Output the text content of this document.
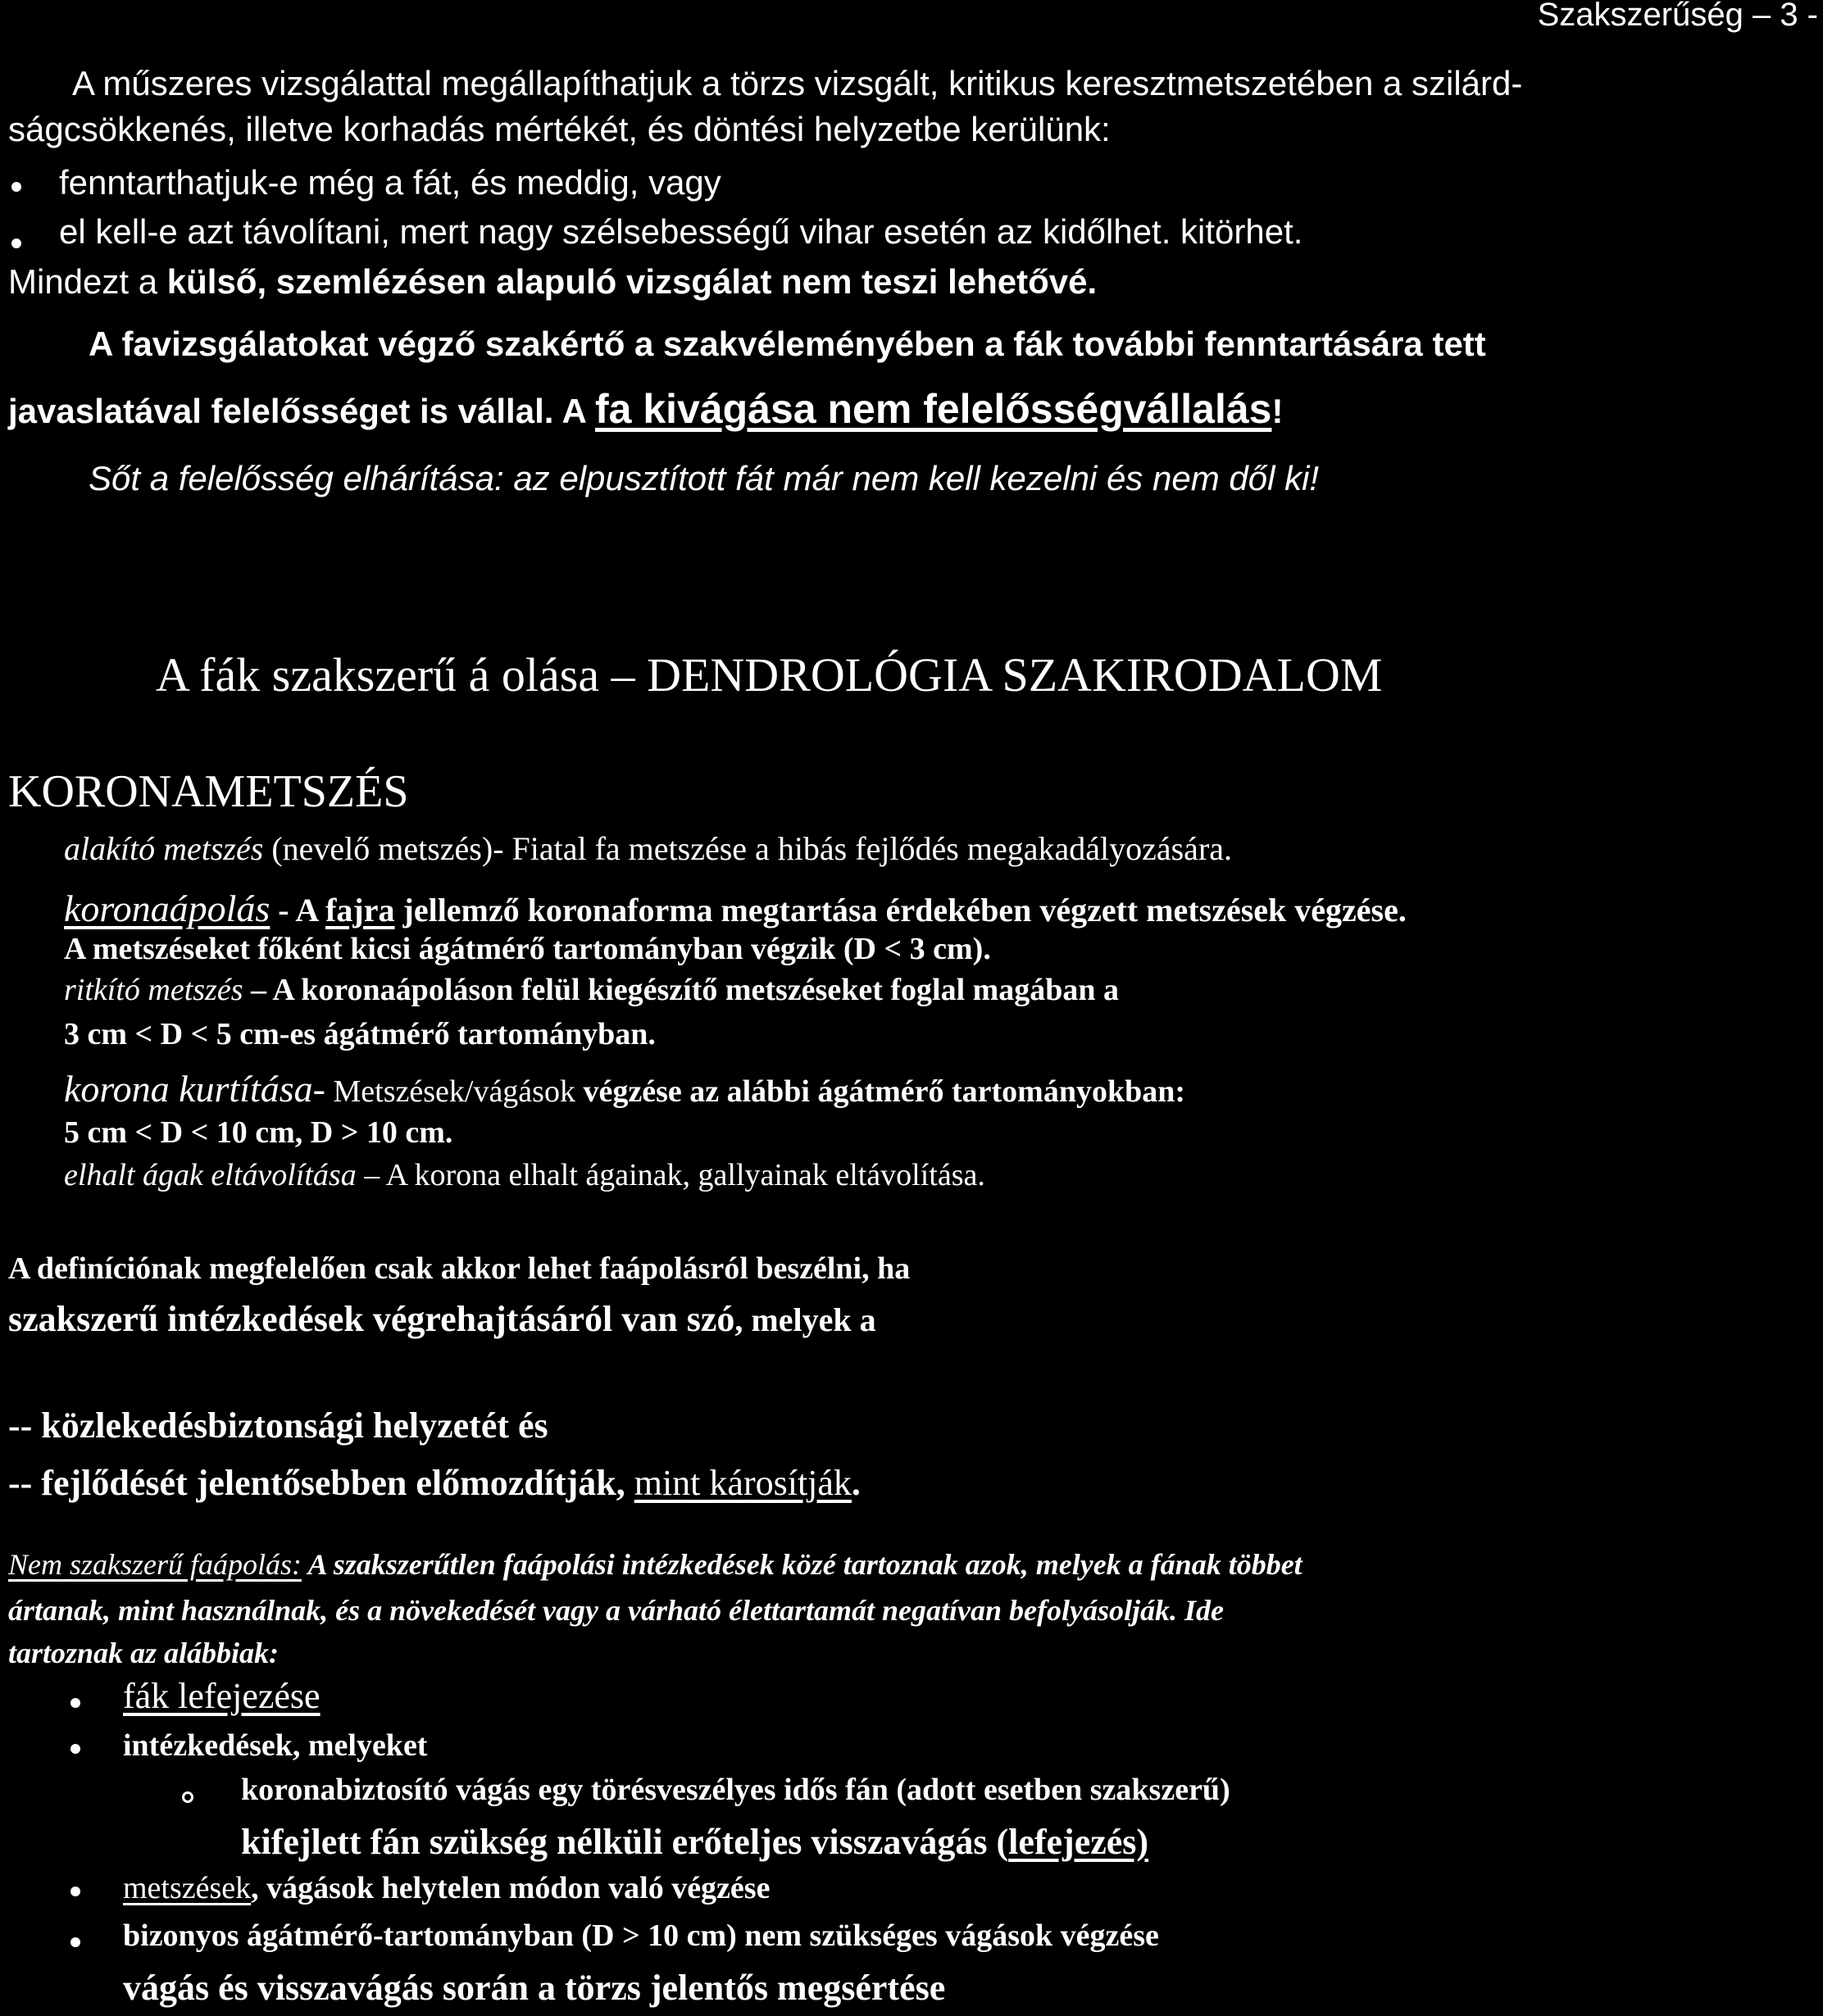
Szakszerűség – 3 -
A műszeres vizsgálattal megállapíthatjuk a törzs vizsgált, kritikus keresztmetszetében a szilárd-
ságcsökkenés, illetve korhadás mértékét, és döntési helyzetbe kerülünk:
fenntarthatjuk-e még a fát, és meddig, vagy
el kell-e azt távolítani, mert nagy szélsebességű vihar esetén az kidőlhet. kitörhet.
Mindezt a külső, szemlézésen alapuló vizsgálat nem teszi lehetővé.
A favizsgálatokat végző szakértő a szakvéleményében a fák további fenntartására tett
javaslatával felelősséget is vállal. A fa kivágása nem felelősségvállalás!
Sőt a felelősség elhárítása: az elpusztított fát már nem kell kezelni és nem dől ki!
A fák szakszerű á olása – DENDROLÓGIA SZAKIRODALOM
KORONAMETSZÉS
alakító metszés (nevelő metszés)- Fiatal fa metszése a hibás fejlődés megakadályozására.
koronaápolás - A fajra jellemző koronaforma megtartása érdekében végzett metszések végzése.
A metszéseket főként kicsi ágátmérő tartományban végzik (D < 3 cm).
ritkító metszés – A koronaápoláson felül kiegészítő metszéseket foglal magában a
3 cm < D < 5 cm-es ágátmérő tartományban.
korona kurtítása- Metszések/vágások végzése az alábbi ágátmérő tartományokban:
5 cm < D < 10 cm, D > 10 cm.
elhalt ágak eltávolítása – A korona elhalt ágainak, gallyainak eltávolítása.
A definíciónak megfelelően csak akkor lehet faápolásról beszélni, ha
szakszerű intézkedések végrehajtásáról van szó, melyek a
-- közlekedésbiztonsági helyzetét és
-- fejlődését jelentősebben előmozdítják, mint károsítják.
Nem szakszerű faápolás: A szakszerűtlen faápolási intézkedések közé tartoznak azok, melyek a fának többet
ártanak, mint használnak, és a növekedését vagy a várható élettartamát negatívan befolyásolják. Ide
tartoznak az alábbiak:
fák lefejezése
intézkedések, melyeket
koronabiztosító vágás egy törésveszélyes idős fán (adott esetben szakszerű)
kifejlett fán szükség nélküli erőteljes visszavágás (lefejezés)
metszések, vágások helytelen módon való végzése
bizonyos ágátmérő-tartományban (D > 10 cm) nem szükséges vágások végzése
vágás és visszavágás során a törzs jelentős megsértése
